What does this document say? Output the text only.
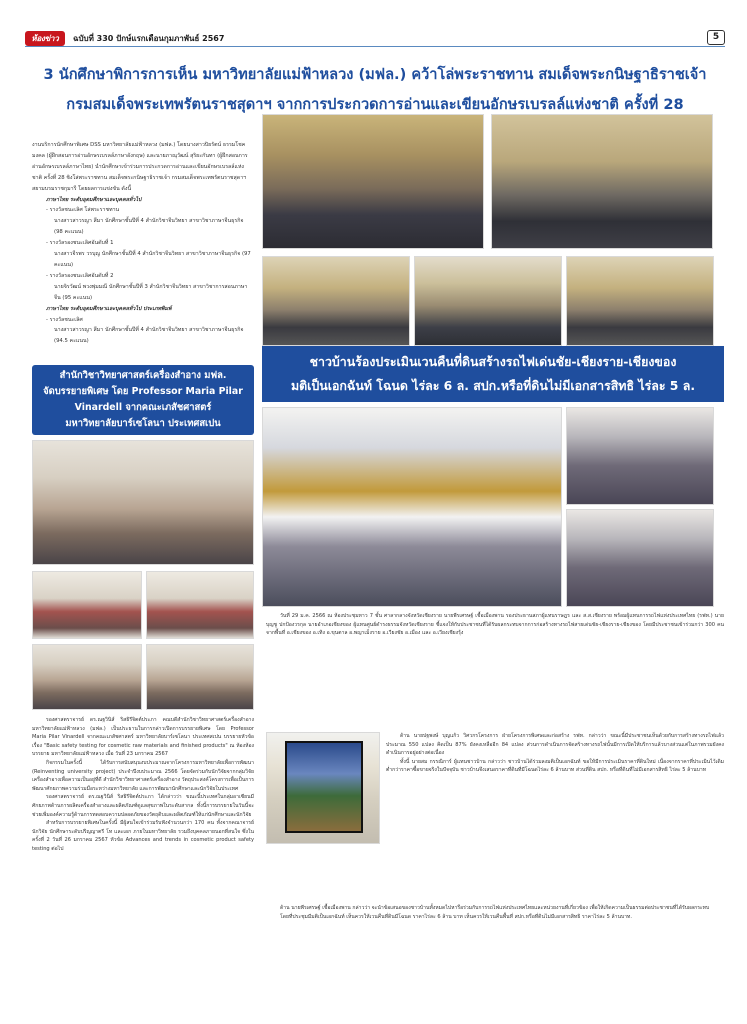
ห้องข่าว ฉบับที่ 330 ปักษ์แรกเดือนกุมภาพันธ์ 2567	5
3 นักศึกษาพิการการเห็น มหาวิทยาลัยแม่ฟ้าหลวง (มฟล.) คว้าโล่พระราชทาน สมเด็จพระกนิษฐาธิราชเจ้า
กรมสมเด็จพระเทพรัตนราชสุดาฯ จากการประกวดการอ่านและเขียนอักษรเบรลล์แห่งชาติ ครั้งที่ 28

งานบริการนักศึกษาพิเศษ DSS มหาวิทยาลัยแม่ฟ้าหลวง (มฟล.) โดยนางสาวปิยรัตน์ ธรรมโชคมงคล (ผู้ฝึกสอนการอ่านอักษรเบรลล์ภาษาอังกฤษ) และนายภาณุวัฒน์ สุริยะกันทา (ผู้ฝึกสอนการอ่านอักษรเบรลล์ภาษาไทย) นำนักศึกษาเข้าร่วมการประกวดการอ่านและเขียนอักษรเบรลล์แห่งชาติ ครั้งที่ 28 ชิงโล่พระราชทาน สมเด็จพระกนิษฐาธิราชเจ้า กรมสมเด็จพระเทพรัตนราชสุดาฯ สยามบรมราชกุมารี โดยผลการแข่งขัน ดังนี้

ภาษาไทย ระดับอุดมศึกษาและบุคคลทั่วไป

- รางวัลชนะเลิศ โล่พระราชทาน

นางสาวสาวรญา สีมา นักศึกษาชั้นปีที่ 4 สำนักวิชาจีนวิทยา สาขาวิชาภาษาจีนธุรกิจ (98 คะแนน)

- รางวัลรองชนะเลิศอันดับที่ 1

นางสาวจีรพร วรบุญ นักศึกษาชั้นปีที่ 4 สำนักวิชาจีนวิทยา สาขาวิชาภาษาจีนธุรกิจ (97 คะแนน)

- รางวัลรองชนะเลิศอันดับที่ 2

นายจิรวัฒน์ พวงพุ่มมณี นักศึกษาชั้นปีที่ 3 สำนักวิชาจีนวิทยา สาขาวิชาการสอนภาษาจีน (95 คะแนน)

ภาษาไทย ระดับอุดมศึกษาและบุคคลทั่วไป ประเภทพิมพ์

- รางวัลชนะเลิศ

นางสาวสาวรญา สีมา นักศึกษาชั้นปีที่ 4 สำนักวิชาจีนวิทยา สาขาวิชาภาษาจีนธุรกิจ (94.5 คะแนน)

สำนักวิชาวิทยาศาสตร์เครื่องสำอาง มฟล.
จัดบรรยายพิเศษ โดย Professor Maria Pilar
Vinardell จากคณะเภสัชศาสตร์
มหาวิทยาลัยบาร์เซโลนา ประเทศสเปน

รองศาสตราจารย์ ดร.ณฐวินิส์ ริสธิรีจิตต์ประภา คณบดีสำนักวิชาวิทยาศาสตร์เครื่องสำอาง มหาวิทยาลัยแม่ฟ้าหลวง (มฟล.) เป็นประธานในการกล่าวเปิดการบรรยายพิเศษ โดย Professor Maria Pilar Vinardell จากคณะเภสัชศาสตร์ มหาวิทยาลัยบาร์เซโลนา ประเทศสเปน บรรยายหัวข้อเรื่อง "Basic safety testing for cosmetic raw materials and finished products" ณ ห้องห้องบรรยาย มหาวิทยาลัยแม่ฟ้าหลวง เมื่อ วันที่ 23 มกราคม 2567

กิจกรรมในครั้งนี้ ได้รับการสนับสนุนงบประมาณจากโครงการมหาวิทยาลัยเพื่อการพัฒนา (Reinventing university project) ประจำปีงบประมาณ 2566 โดยจัดร่วมกับนักวิจัยจากกลุ่มวิจัยเครื่องสำอางเพื่อความเป็นอยู่ที่ดี สำนักวิชาวิทยาศาสตร์เครื่องสำอาง วัตถุประสงค์โครงการเพื่อเป็นการพัฒนาศักยภาพความร่วมมือระหว่างมหาวิทยาลัย และการพัฒนานักศึกษาและนักวิจัยในประเทศ

รองศาสตราจารย์ ดร.ณฐวินิส์ ริสธิรีจิตต์ประภา ได้กล่าวว่า ขณะนี้ประเทศในกลุ่มอาเซียนมีศักยภาพด้านการผลิตเครื่องสำอางและผลิตภัณฑ์ดูแลสุขภาพในระดับสากล ทั้งนี้การบรรยายในวันนี้จะช่วยเพิ่มองค์ความรู้ด้านการทดสอบความปลอดภัยของวัตถุดิบและผลิตภัณฑ์ให้แก่นักศึกษาและนักวิจัย

สำหรับการบรรยายพิเศษในครั้งนี้ มีผู้สนใจเข้าร่วมรับฟังจำนวนกว่า 170 คน ทั้งจากคณาจารย์ นักวิจัย นักศึกษาระดับปริญญาตรี โท และเอก ภายในมหาวิทยาลัย รวมถึงบุคคลภายนอกที่สนใจ ซึ่งในครั้งที่ 2 วันที่ 26 มกราคม 2567 หัวข้อ Advances and trends in cosmetic product safety testing ต่อไป

ชาวบ้านร้องประเมินเวนคืนที่ดินสร้างรถไฟเด่นชัย-เชียงราย-เชียงของ
มติเป็นเอกฉันท์ โฉนด ไร่ละ 6 ล. สปก.หรือที่ดินไม่มีเอกสารสิทธิ ไร่ละ 5 ล.

วันที่ 29 ม.ค. 2566 ณ ห้องประชุมหาว 7 ชั้น ศาลากลางจังหวัดเชียงราย นายพีรเศรษฐ์ เชื้อเมืองพาน รองประธานสภาผู้แทนราษฎร และ ส.ส.เชียงราย พร้อมผู้แทนการรถไฟแห่งประเทศไทย (รฟท.) นายบุญชู ปกป้องวรกุล นายอำเภอเชียงของ ผู้แทนศูนย์ดำรงธรรมจังหวัดเชียงราย ชี้แจงให้กับประชาชนที่ได้รับผลกระทบจากการก่อสร้างทางรถไฟสายเด่นชัย-เชียงราย-เชียงของ โดยมีประชาชนเข้าร่วมกว่า 300 คน จากพื้นที่ อ.เชียงของ อ.เทิง อ.ขุนตาล อ.พญาเม็งราย อ.เวียงชัย อ.เมือง และ อ.เวียงเชียงรุ้ง

ด้าน นายปฐพงษ์ บุญแก้ว วิศวกรโครงการ ฝ่ายโครงการพิเศษและก่อสร้าง รฟท. กล่าวว่า ขณะนี้มีประชาชนเห็นด้วยกับการสร้างทางรถไฟแล้วประมาณ 550 แปลง คิดเป็น 87% ยังคงเหลืออีก 84 แปลง ส่วนการดำเนินการจัดสร้างทางรถไฟนั้นมีการเปิดให้บริการแล้วบางส่วนแต่ในภาพรวมยังคงดำเนินการอยู่อย่างต่อเนื่อง

ทั้งนี้ นายสม กรรณิการ์ ผู้แทนชาวบ้าน กล่าวว่า ชาวบ้านได้ร่วมลงมติเป็นเอกฉันท์ ขอให้มีการประเมินราคาที่ดินใหม่ เนื่องจากราคาที่ประเมินไว้เดิมต่ำกว่าราคาซื้อขายจริงในปัจจุบัน ชาวบ้านจึงเสนอราคาที่ดินที่มีโฉนดไร่ละ 6 ล้านบาท ส่วนที่ดิน สปก. หรือที่ดินที่ไม่มีเอกสารสิทธิ ไร่ละ 5 ล้านบาท

ด้าน นายพีรเศรษฐ์ เชื้อเมืองพาน กล่าวว่า จะนำข้อเสนอของชาวบ้านทั้งหมดไปหารือร่วมกับการรถไฟแห่งประเทศไทยและหน่วยงานที่เกี่ยวข้อง เพื่อให้เกิดความเป็นธรรมต่อประชาชนที่ได้รับผลกระทบ

โดยที่ประชุมมีมติเป็นเอกฉันท์ เห็นควรให้เวนคืนที่ดินมีโฉนด ราคาไร่ละ 6 ล้าน บาท เห็นควรให้เวนคืนพื้นที่ สปก.หรือที่ดินไม่มีเอกสารสิทธิ ราคาไร่ละ 5 ล้านบาท.
